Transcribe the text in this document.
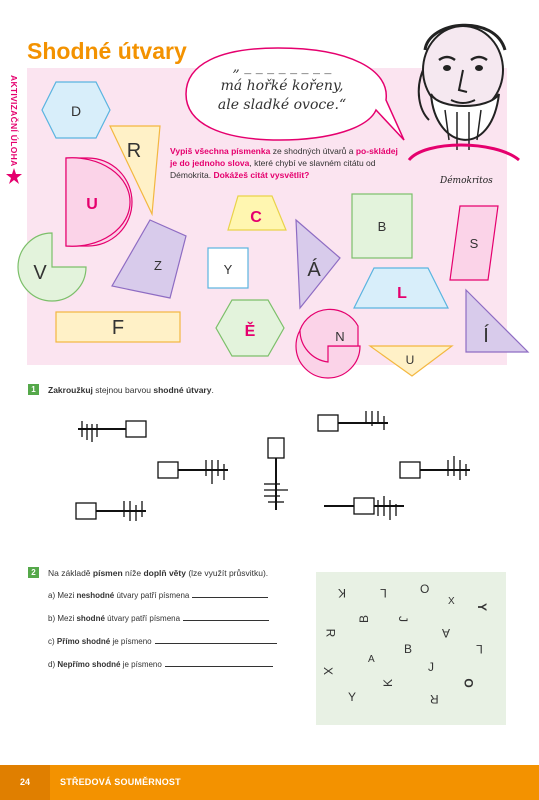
Shodné útvary
AKTIVIZAČNÍ ÚLOHA
„ _ _ _ _ _ _ _ _
má hořké kořeny,
ale sladké ovoce.“
Démokritos
Vypiš všechna písmenka ze shodných útvarů a po-skládej je do jednoho slova, které chybí ve slavném citátu od Démokrita. Dokážeš citát vysvětlit?
D
R
U
V	Z
C
Y	Á
B
S
L
F	Ě	N
U
Í
1	Zakroužkuj stejnou barvou shodné útvary.
2	Na základě písmen níže doplň věty (lze využít průsvitku).
a) Mezi neshodné útvary patří písmena
b) Mezi shodné útvary patří písmena
c) Přímo shodné je písmeno
d) Nepřímo shodné je písmeno
K	L	O
X Y
R
B J
A
A
B	L
X
K
J
O
Y	R
24	STŘEDOVÁ SOUMĚRNOST
